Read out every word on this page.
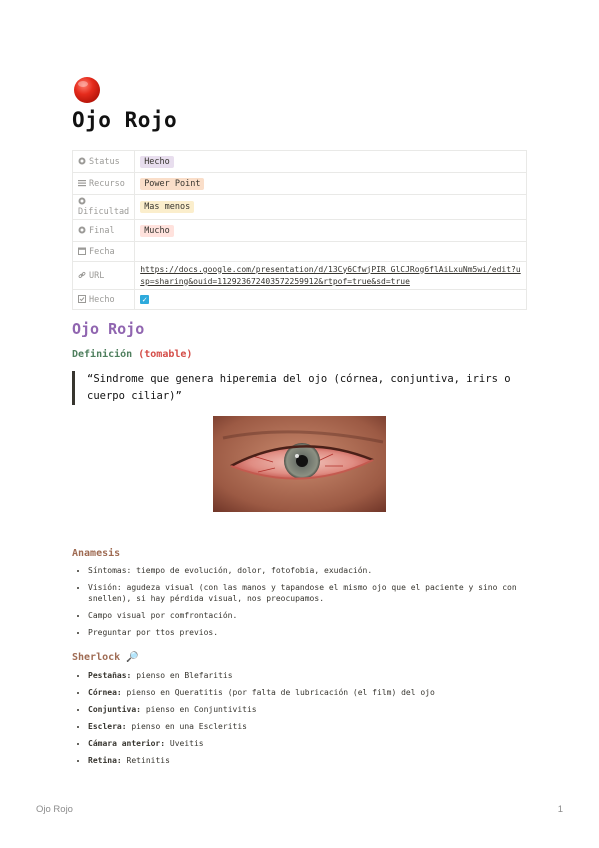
Ojo Rojo
Status	Hecho
Recurso	Power Point

Dificultad	Mas menos
Final	Mucho
Fecha	
URL	https://docs.google.com/presentation/d/13Cy6CfwjPIR_GlCJRog6flAiLxuNm5wi/edit?usp=sharing&ouid=112923672403572259912&rtpof=true&sd=true
Hecho	✓
Ojo Rojo
Definición (tomable)
“Sindrome que genera hiperemia del ojo (córnea, conjuntiva, irirs o cuerpo ciliar)”
Anamesis
• Síntomas: tiempo de evolución, dolor, fotofobia, exudación.
• Visión: agudeza visual (con las manos y tapandose el mismo ojo que el paciente y sino con snellen), si hay pérdida visual, nos preocupamos.
• Campo visual por comfrontación.
• Preguntar por ttos previos.
Sherlock 🔎
• Pestañas: pienso en Blefaritis
• Córnea: pienso en Queratitis (por falta de lubricación (el film) del ojo
• Conjuntiva: pienso en Conjuntivitis
• Esclera: pienso en una Escleritis
• Cámara anterior: Uveitis
• Retina: Retinitis
Ojo Rojo	1
